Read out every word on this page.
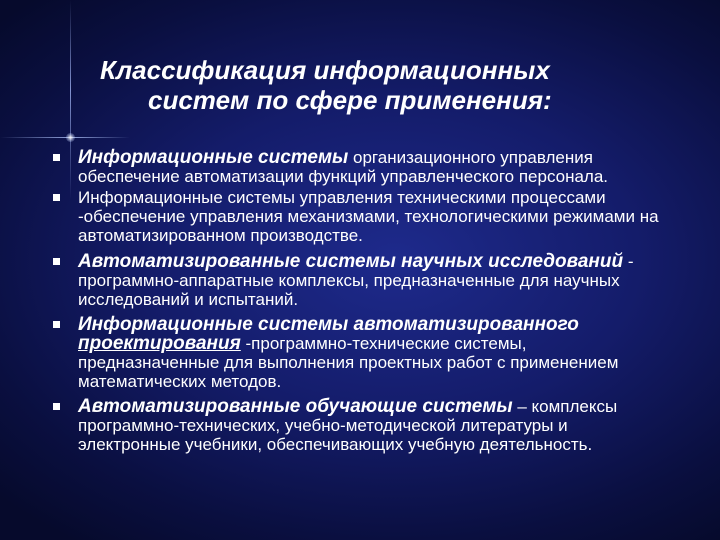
Классификация информационных
систем по сфере применения:
Информационные системы организационного управления обеспечение автоматизации функций управленческого персонала.
Информационные системы управления техническими процессами -обеспечение управления механизмами, технологическими режимами на автоматизированном производстве.
Автоматизированные системы научных исследований - программно-аппаратные комплексы, предназначенные для научных исследований и испытаний.
Информационные системы автоматизированного проектирования -программно-технические системы, предназначенные для выполнения проектных работ с применением математических методов.
Автоматизированные обучающие системы – комплексы программно-технических, учебно-методической литературы и электронные учебники, обеспечивающих учебную деятельность.
